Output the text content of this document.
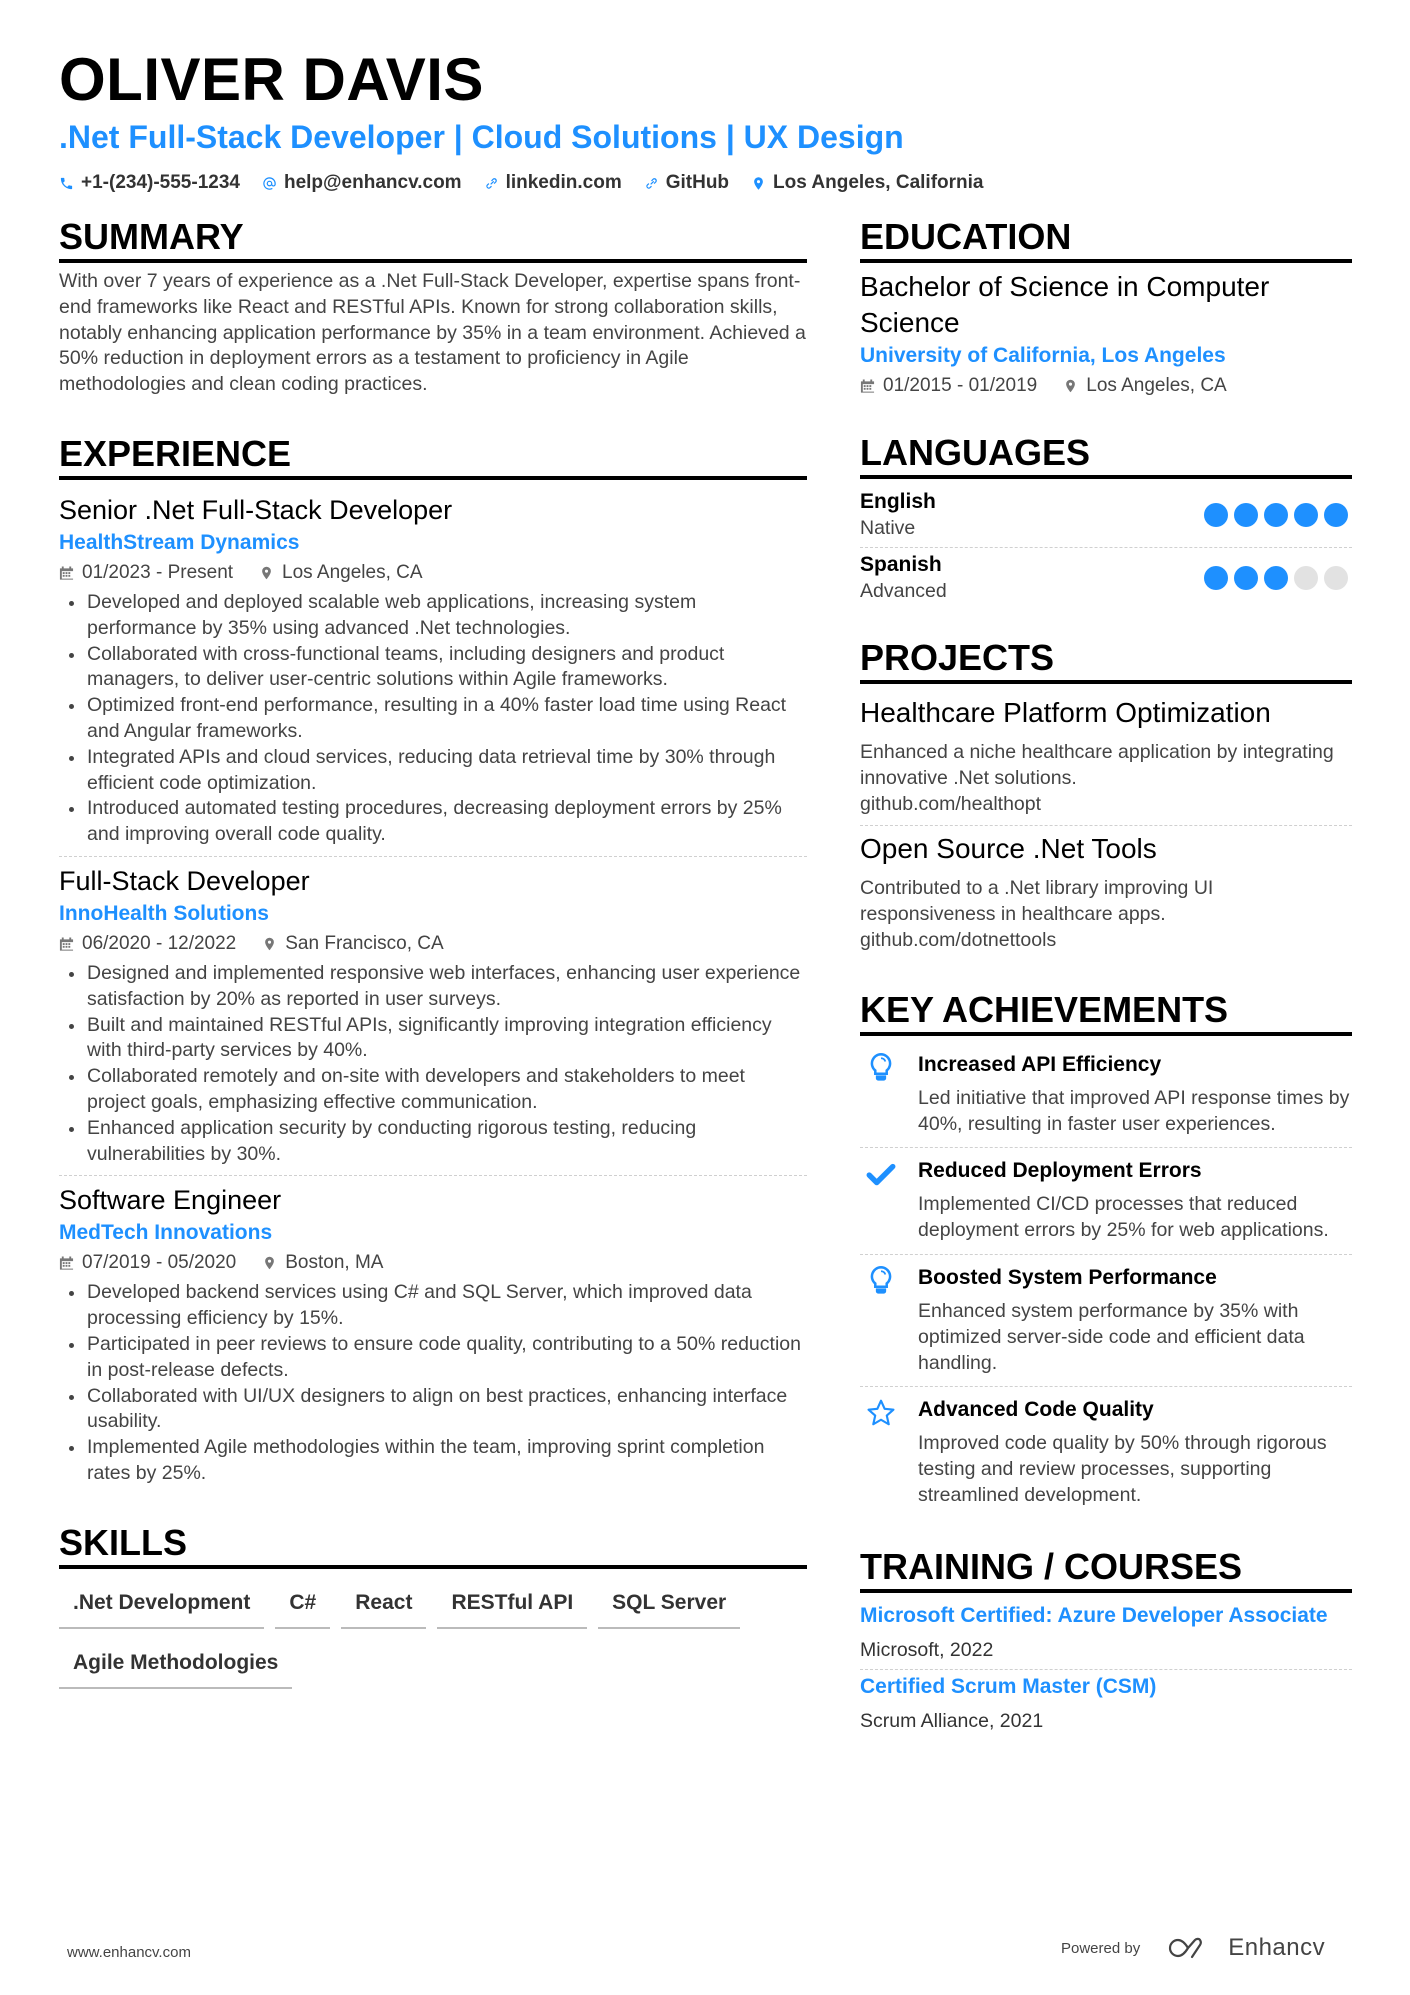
OLIVER DAVIS
.Net Full-Stack Developer | Cloud Solutions | UX Design
+1-(234)-555-1234 help@enhancv.com linkedin.com GitHub Los Angeles, California
SUMMARY
With over 7 years of experience as a .Net Full-Stack Developer, expertise spans front-end frameworks like React and RESTful APIs. Known for strong collaboration skills, notably enhancing application performance by 35% in a team environment. Achieved a 50% reduction in deployment errors as a testament to proficiency in Agile methodologies and clean coding practices.
EXPERIENCE
Senior .Net Full-Stack Developer
HealthStream Dynamics
01/2023 - Present	Los Angeles, CA
Developed and deployed scalable web applications, increasing system performance by 35% using advanced .Net technologies.
Collaborated with cross-functional teams, including designers and product managers, to deliver user-centric solutions within Agile frameworks.
Optimized front-end performance, resulting in a 40% faster load time using React and Angular frameworks.
Integrated APIs and cloud services, reducing data retrieval time by 30% through efficient code optimization.
Introduced automated testing procedures, decreasing deployment errors by 25% and improving overall code quality.
Full-Stack Developer
InnoHealth Solutions
06/2020 - 12/2022	San Francisco, CA
Designed and implemented responsive web interfaces, enhancing user experience satisfaction by 20% as reported in user surveys.
Built and maintained RESTful APIs, significantly improving integration efficiency with third-party services by 40%.
Collaborated remotely and on-site with developers and stakeholders to meet project goals, emphasizing effective communication.
Enhanced application security by conducting rigorous testing, reducing vulnerabilities by 30%.
Software Engineer
MedTech Innovations
07/2019 - 05/2020	Boston, MA
Developed backend services using C# and SQL Server, which improved data processing efficiency by 15%.
Participated in peer reviews to ensure code quality, contributing to a 50% reduction in post-release defects.
Collaborated with UI/UX designers to align on best practices, enhancing interface usability.
Implemented Agile methodologies within the team, improving sprint completion rates by 25%.
SKILLS
.Net Development	C#	React	RESTful API	SQL Server
Agile Methodologies
EDUCATION
Bachelor of Science in Computer Science
University of California, Los Angeles
01/2015 - 01/2019	Los Angeles, CA
LANGUAGES
English
Native
Spanish
Advanced
PROJECTS
Healthcare Platform Optimization
Enhanced a niche healthcare application by integrating innovative .Net solutions.
github.com/healthopt
Open Source .Net Tools
Contributed to a .Net library improving UI responsiveness in healthcare apps.
github.com/dotnettools
KEY ACHIEVEMENTS
Increased API Efficiency
Led initiative that improved API response times by 40%, resulting in faster user experiences.
Reduced Deployment Errors
Implemented CI/CD processes that reduced deployment errors by 25% for web applications.
Boosted System Performance
Enhanced system performance by 35% with optimized server-side code and efficient data handling.
Advanced Code Quality
Improved code quality by 50% through rigorous testing and review processes, supporting streamlined development.
TRAINING / COURSES
Microsoft Certified: Azure Developer Associate
Microsoft, 2022
Certified Scrum Master (CSM)
Scrum Alliance, 2021
www.enhancv.com	Powered by	Enhancv
